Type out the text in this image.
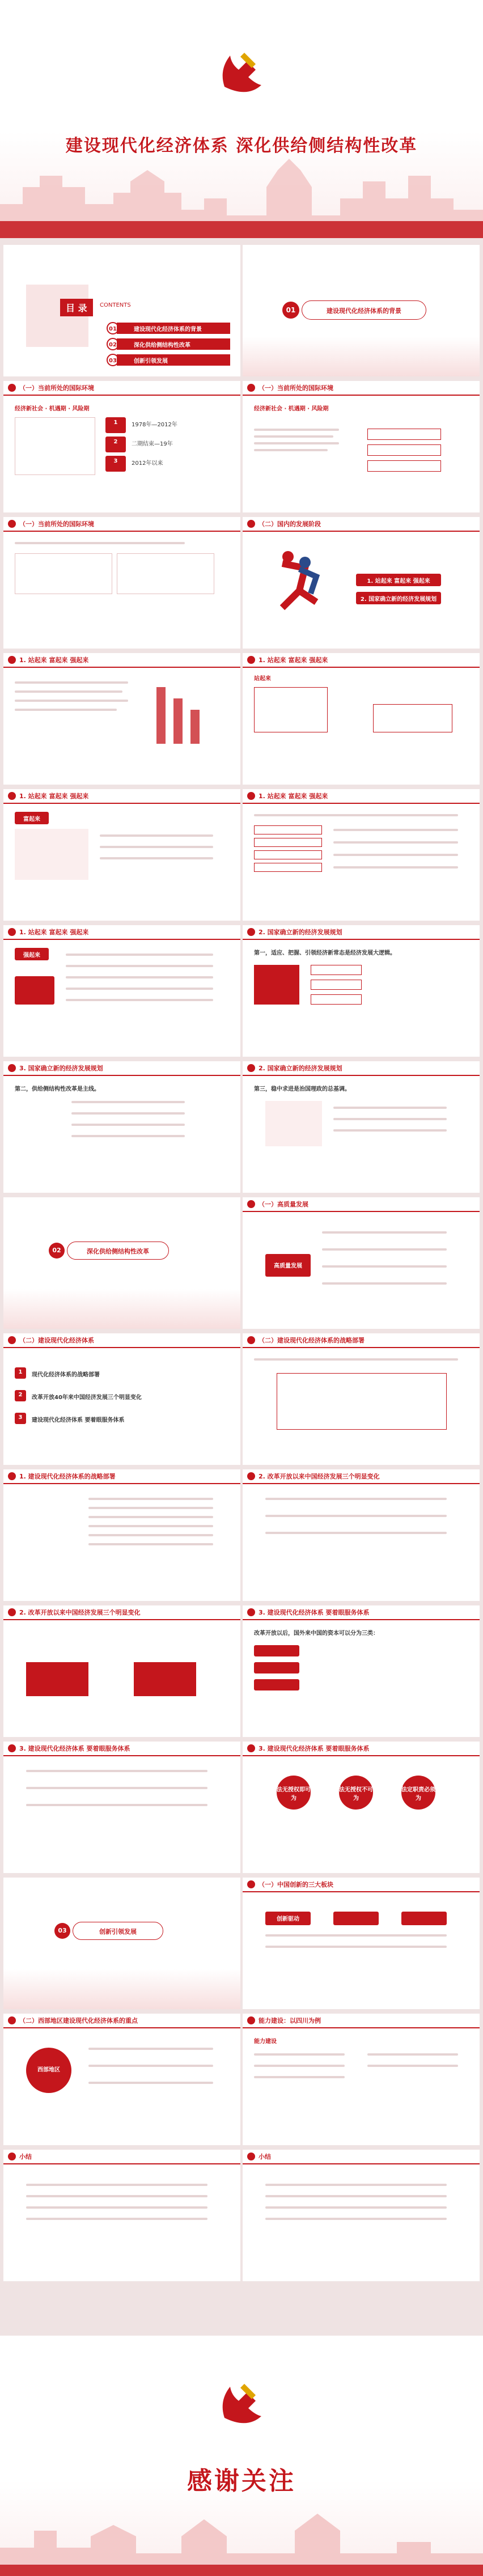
建设现代化经济体系 深化供给侧结构性改革
目 录	CONTENTS
01	建设现代化经济体系的背景
02	深化供给侧结构性改革
03	创新引领发展
01	建设现代化经济体系的背景
（一）当前所处的国际环境
经济新社会 · 机遇期 · 风险期
1
2
3
1978年—2012年
二期结束—19年
2012年以来
（一）当前所处的国际环境
经济新社会 · 机遇期 · 风险期
（一）当前所处的国际环境	（二）国内的发展阶段
1. 站起来 富起来 强起来
2. 国家确立新的经济发展规划
1. 站起来 富起来 强起来	1. 站起来 富起来 强起来
站起来
1. 站起来 富起来 强起来
富起来
1. 站起来 富起来 强起来
1. 站起来 富起来 强起来
强起来
2. 国家确立新的经济发展规划
第一，适应、把握、引领经济新常态是经济发展大逻辑。
3. 国家确立新的经济发展规划
第二，供给侧结构性改革是主线。
2. 国家确立新的经济发展规划
第三，稳中求进是治国理政的总基调。
02	深化供给侧结构性改革
（一）高质量发展
高质量发展
（二）建设现代化经济体系
1	现代化经济体系的战略部署
2	改革开放40年来中国经济发展三个明显变化
3	建设现代化经济体系 要着眼服务体系
（二）建设现代化经济体系的战略部署
1. 建设现代化经济体系的战略部署	2. 改革开放以来中国经济发展三个明显变化
2. 改革开放以来中国经济发展三个明显变化	3. 建设现代化经济体系 要着眼服务体系
改革开放以后，国外来中国的资本可以分为三类：
3. 建设现代化经济体系 要着眼服务体系	3. 建设现代化经济体系 要着眼服务体系
法无授权即可为
法无授权不可为
法定职责必须为
03	创新引领发展
（一）中国创新的三大板块
创新驱动
（二）西部地区建设现代化经济体系的重点
西部地区
能力建设：以四川为例
能力建设
小结	小结
感谢关注
